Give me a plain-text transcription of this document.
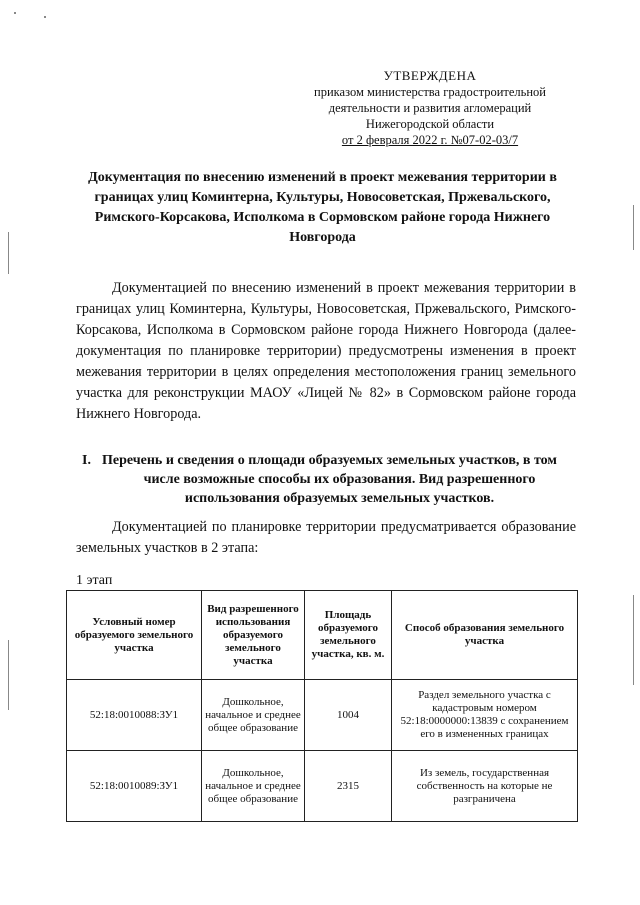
УТВЕРЖДЕНА
приказом министерства градостроительной
деятельности и развития агломераций
Нижегородской области
от 2 февраля 2022 г. №07-02-03/7
Документация по внесению изменений в проект межевания территории в границах улиц Коминтерна, Культуры, Новосоветская, Пржевальского, Римского-Корсакова, Исполкома в Сормовском районе города Нижнего Новгорода

Документацией по внесению изменений в проект межевания территории в границах улиц Коминтерна, Культуры, Новосоветская, Пржевальского, Римского-Корсакова, Исполкома в Сормовском районе города Нижнего Новгорода (далее- документация по планировке территории) предусмотрены изменения в проект межевания территории в целях определения местоположения границ земельного участка для реконструкции МАОУ «Лицей № 82» в Сормовском районе города Нижнего Новгорода.

I. Перечень и сведения о площади образуемых земельных участков, в том
числе возможные способы их образования. Вид разрешенного использования образуемых земельных участков.

Документацией по планировке территории предусматривается образование земельных участков в 2 этапа:

1 этап
Условный номер образуемого земельного участка	Вид разрешенного использования образуемого земельного участка	Площадь образуемого земельного участка, кв. м.	Способ образования земельного участка
52:18:0010088:ЗУ1	Дошкольное, начальное и среднее общее образование	1004	Раздел земельного участка с кадастровым номером 52:18:0000000:13839 с сохранением его в измененных границах
52:18:0010089:ЗУ1	Дошкольное, начальное и среднее общее образование	2315	Из земель, государственная собственность на которые не разграничена
